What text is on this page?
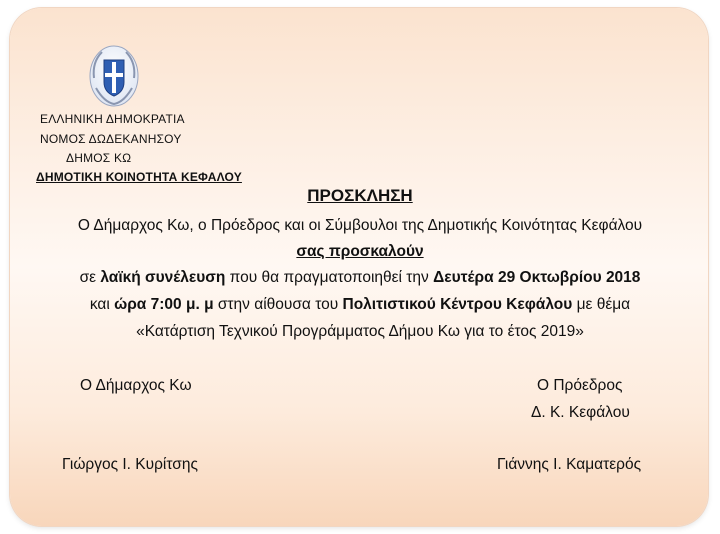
ΕΛΛΗΝΙΚΗ ΔΗΜΟΚΡΑΤΙΑ
ΝΟΜΟΣ ΔΩΔΕΚΑΝΗΣΟΥ
ΔΗΜΟΣ ΚΩ
ΔΗΜΟΤΙΚΗ ΚΟΙΝΟΤΗΤΑ ΚΕΦΑΛΟΥ
ΠΡΟΣΚΛΗΣΗ
Ο Δήμαρχος Κω, ο Πρόεδρος και οι Σύμβουλοι της Δημοτικής Κοινότητας Κεφάλου
σας προσκαλούν
σε λαϊκή συνέλευση που θα πραγματοποιηθεί την Δευτέρα 29 Οκτωβρίου 2018
και ώρα 7:00 μ. μ στην αίθουσα του Πολιτιστικού Κέντρου Κεφάλου με θέμα
«Κατάρτιση Τεχνικού Προγράμματος Δήμου Κω για το έτος 2019»
Ο Δήμαρχος Κω	Ο Πρόεδρος
Δ. Κ. Κεφάλου
Γιώργος Ι. Κυρίτσης	Γιάννης Ι. Καματερός
